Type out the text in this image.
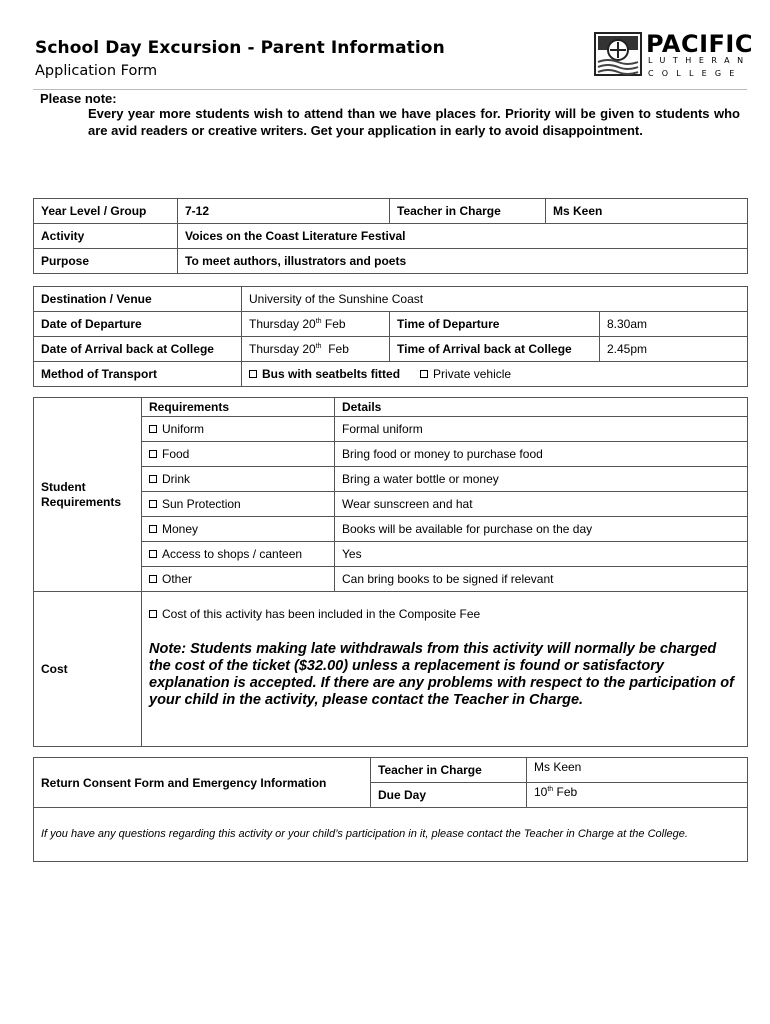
School Day Excursion - Parent Information
Application Form
PACIFIC
LUTHERAN
COLLEGE
Please note:
Every year more students wish to attend than we have places for. Priority will be given to students who are avid readers or creative writers. Get your application in early to avoid disappointment.
Year Level / Group	7-12	Teacher in Charge	Ms Keen
Activity	Voices on the Coast Literature Festival		
Purpose	To meet authors, illustrators and poets		
Destination / Venue	University of the Sunshine Coast		
Date of Departure	Thursday 20th Feb	Time of Departure	8.30am
Date of Arrival back at College	Thursday 20th Feb	Time of Arrival back at College	2.45pm
Method of Transport	Bus with seatbelts fitted Private vehicle		
Student Requirements	Requirements	Details
	Uniform	Formal uniform
	Food	Bring food or money to purchase food
	Drink	Bring a water bottle or money
	Sun Protection	Wear sunscreen and hat
	Money	Books will be available for purchase on the day
	Access to shops / canteen	Yes
	Other	Can bring books to be signed if relevant
Cost	Cost of this activity has been included in the Composite Fee
Note: Students making late withdrawals from this activity will normally be charged the cost of the ticket ($32.00) unless a replacement is found or satisfactory explanation is accepted. If there are any problems with respect to the participation of your child in the activity, please contact the Teacher in Charge.	
Return Consent Form and Emergency Information	Teacher in Charge	Ms Keen
	Due Day	10th Feb
If you have any questions regarding this activity or your child’s participation in it, please contact the Teacher in Charge at the College.		
